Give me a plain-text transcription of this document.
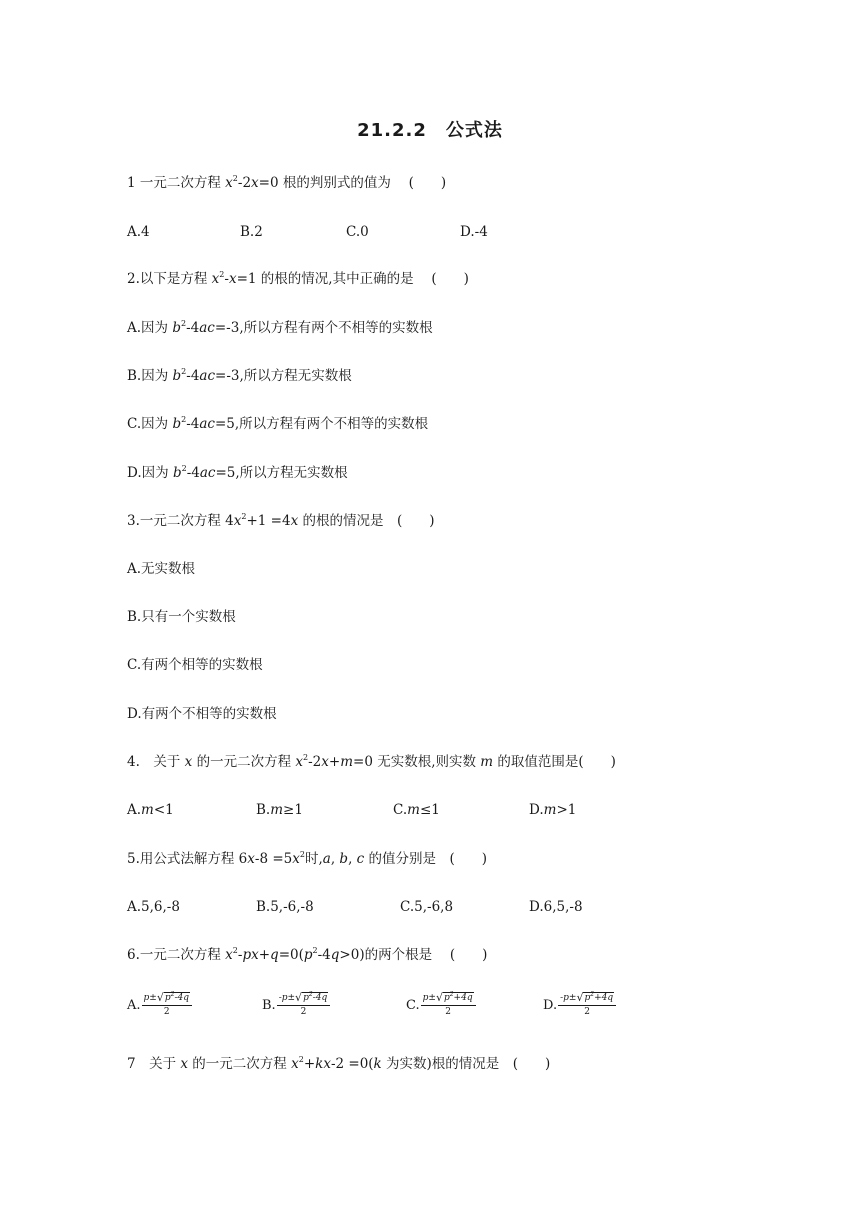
21.2.2　公式法
1 一元二次方程 $x^2-2x=0$ 根的判别式的值为　 (　　)
A.4	B.2	C.0	D.-4
2.以下是方程 $x^2-x=1$ 的根的情况,其中正确的是　 (　　)
A.因为 $b^2-4ac=-3$,所以方程有两个不相等的实数根
B.因为 $b^2-4ac=-3$,所以方程无实数根
C.因为 $b^2-4ac=5$,所以方程有两个不相等的实数根
D.因为 $b^2-4ac=5$,所以方程无实数根
3.一元二次方程 $4x^2+1 =4x$ 的根的情况是　(　　)
A.无实数根
B.只有一个实数根
C.有两个相等的实数根
D.有两个不相等的实数根
4.　关于 x 的一元二次方程 $x^2-2x+m=0$ 无实数根,则实数 m 的取值范围是(　　)
A.m<1	B.m≥1	C.m≤1	D.m>1
5.用公式法解方程 $6x-8 =5x^2$时,a, b, c 的值分别是　(　　)
A.5,6,-8	B.5,-6,-8	C.5,-6,8	D.6,5,-8
6.一元二次方程 $x^2-px+q=0(p^2-4q>0)$的两个根是　 (　　)
A. $\frac{p \pm √ p^2-4q}{2}$	B. $\frac{- p \pm √ p^2-4q}{2}$	C. $\frac{p \pm √ p^2+4q}{2}$	D. $\frac{- p \pm √ p^2+4q}{2}$
7　关于 x 的一元二次方程 $x^2+kx-2 =0(k$ 为实数)根的情况是　(　　)
